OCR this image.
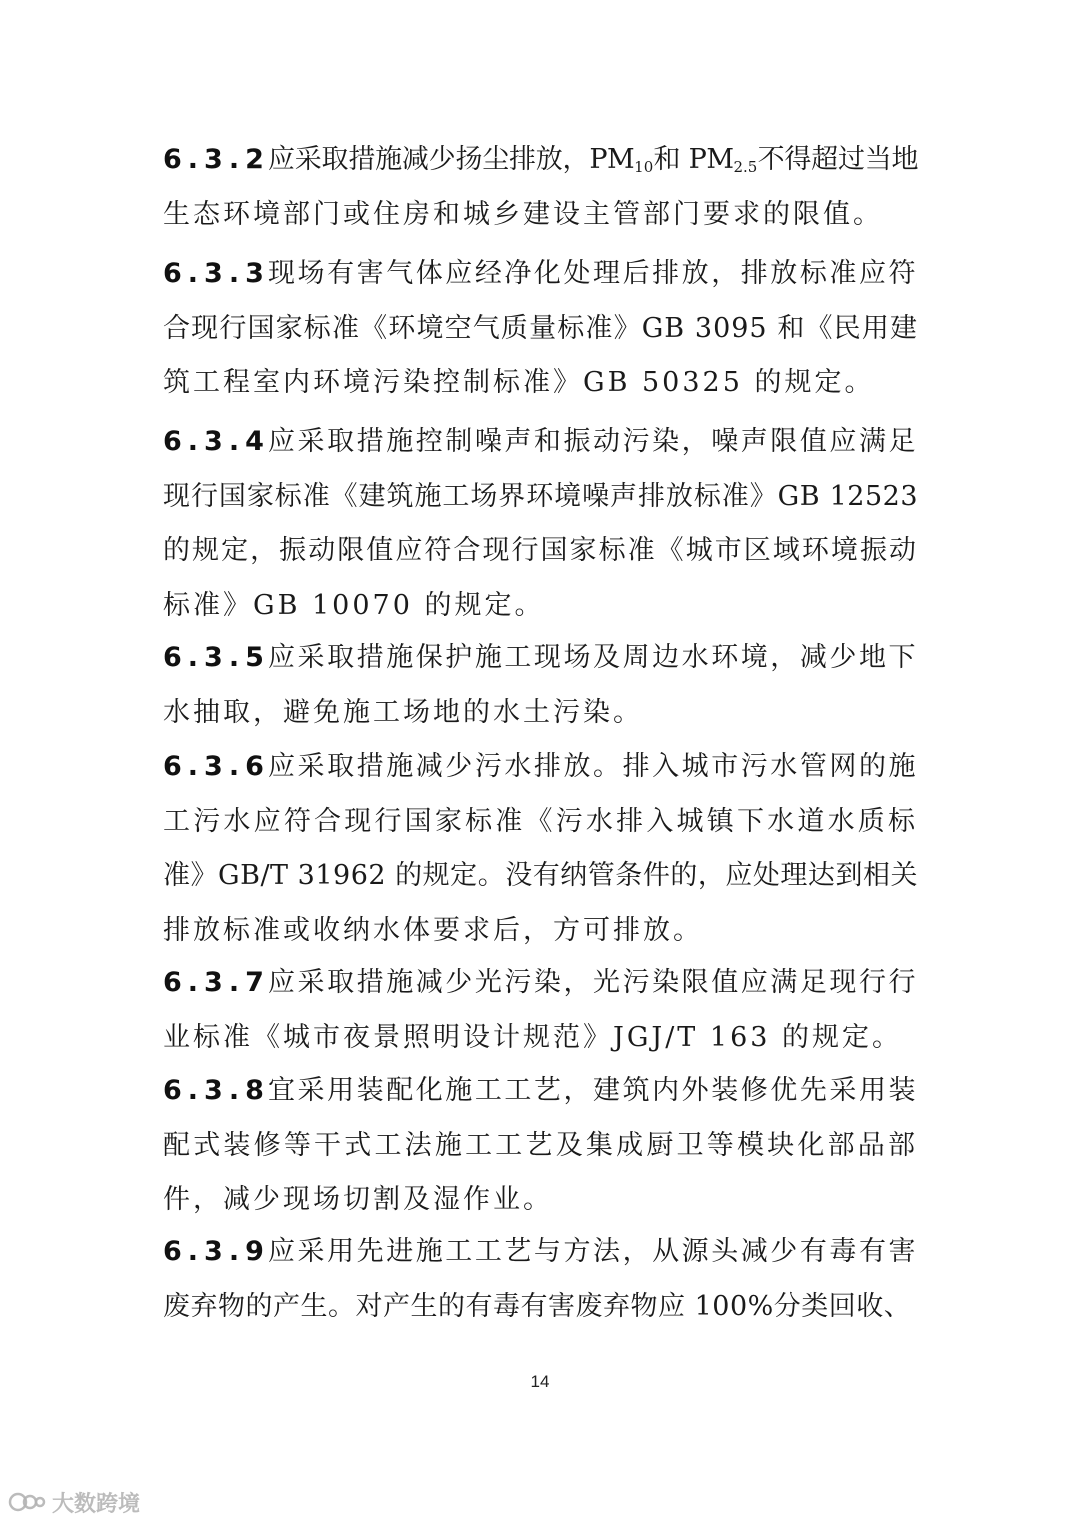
6.3.2
应采取措施减少扬尘排放，$PM_{10}$和 $PM_{2.5}$不得超过当地
生态环境部门或住房和城乡建设主管部门要求的限值。
6.3.3
现场有害气体应经净化处理后排放，排放标准应符
合现行国家标准《环境空气质量标准》GB 3095 和《民用建
筑工程室内环境污染控制标准》GB 50325 的规定。
6.3.4
应采取措施控制噪声和振动污染，噪声限值应满足
现行国家标准《建筑施工场界环境噪声排放标准》GB 12523
的规定，振动限值应符合现行国家标准《城市区域环境振动
标准》GB 10070 的规定。
6.3.5
应采取措施保护施工现场及周边水环境，减少地下
水抽取，避免施工场地的水土污染。
6.3.6
应采取措施减少污水排放。排入城市污水管网的施
工污水应符合现行国家标准《污水排入城镇下水道水质标
准》GB/T 31962 的规定。没有纳管条件的，应处理达到相关
排放标准或收纳水体要求后，方可排放。
6.3.7
应采取措施减少光污染，光污染限值应满足现行行
业标准《城市夜景照明设计规范》JGJ/T 163 的规定。
6.3.8
宜采用装配化施工工艺，建筑内外装修优先采用装
配式装修等干式工法施工工艺及集成厨卫等模块化部品部
件，减少现场切割及湿作业。
6.3.9
应采用先进施工工艺与方法，从源头减少有毒有害
废弃物的产生。对产生的有毒有害废弃物应 100%分类回收、
14
大数跨境
